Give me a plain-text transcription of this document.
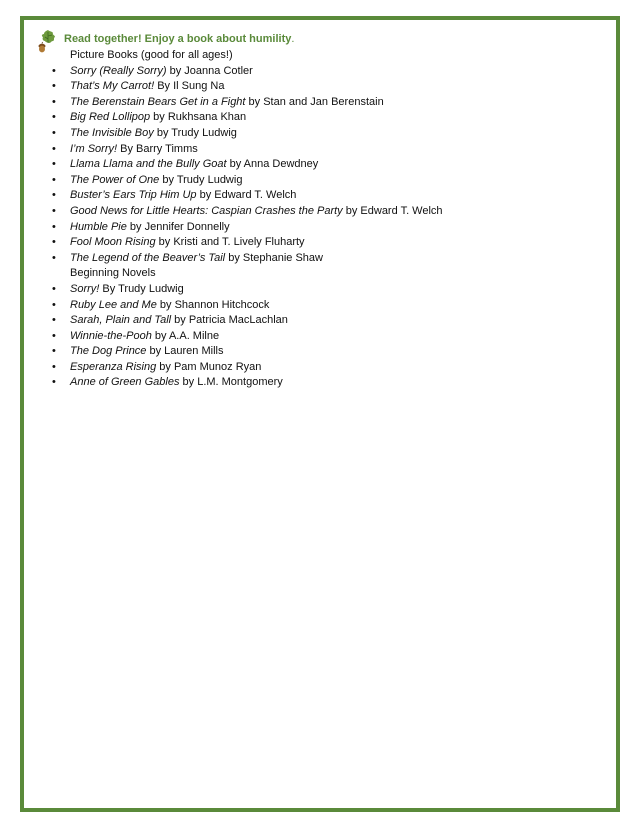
Read together! Enjoy a book about humility.
Picture Books (good for all ages!)
• Sorry (Really Sorry) by Joanna Cotler
• That’s My Carrot! By Il Sung Na
• The Berenstain Bears Get in a Fight by Stan and Jan Berenstain
• Big Red Lollipop by Rukhsana Khan
• The Invisible Boy by Trudy Ludwig
• I’m Sorry! By Barry Timms
• Llama Llama and the Bully Goat by Anna Dewdney
• The Power of One by Trudy Ludwig
• Buster’s Ears Trip Him Up by Edward T. Welch
• Good News for Little Hearts: Caspian Crashes the Party by Edward T. Welch
• Humble Pie by Jennifer Donnelly
• Fool Moon Rising by Kristi and T. Lively Fluharty
• The Legend of the Beaver’s Tail by Stephanie Shaw
Beginning Novels
• Sorry! By Trudy Ludwig
• Ruby Lee and Me by Shannon Hitchcock
• Sarah, Plain and Tall by Patricia MacLachlan
• Winnie-the-Pooh by A.A. Milne
• The Dog Prince by Lauren Mills
• Esperanza Rising by Pam Munoz Ryan
• Anne of Green Gables by L.M. Montgomery
